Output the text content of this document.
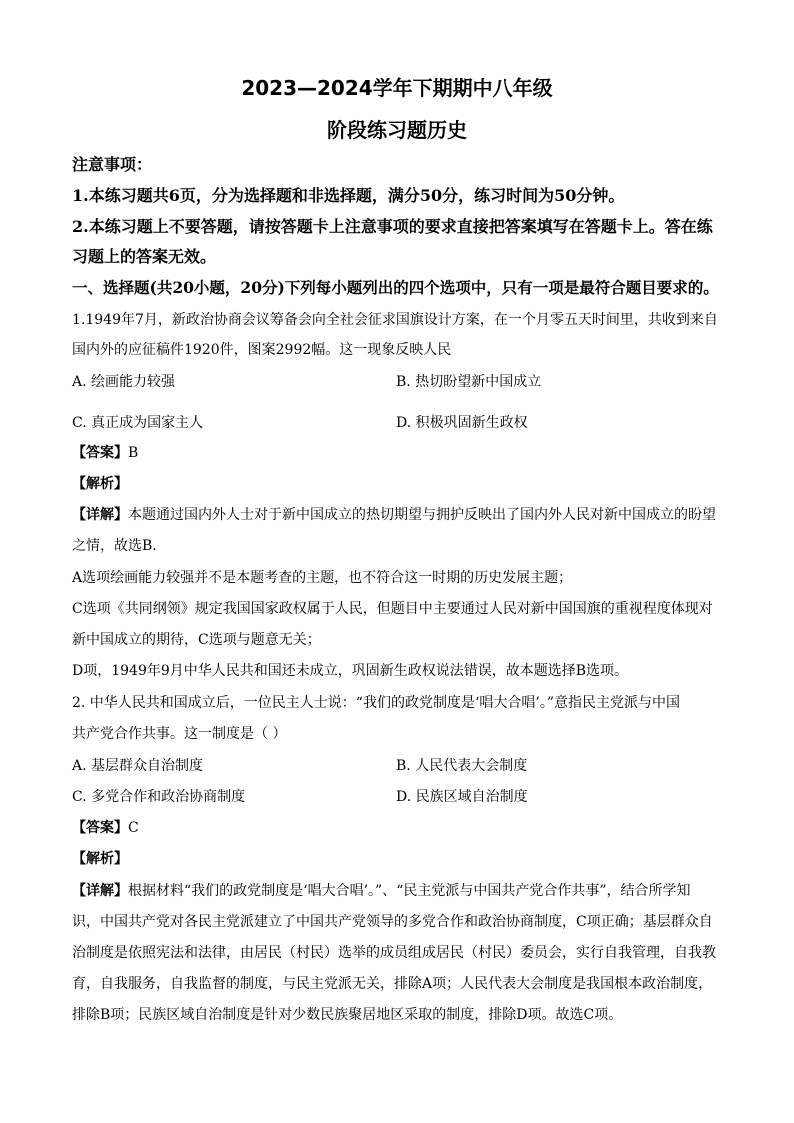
2023—2024学年下期期中八年级
阶段练习题历史
注意事项：
1.本练习题共6页，分为选择题和非选择题，满分50分，练习时间为50分钟。
2.本练习题上不要答题，请按答题卡上注意事项的要求直接把答案填写在答题卡上。答在练
习题上的答案无效。
一、选择题(共20小题，20分)下列每小题列出的四个选项中，只有一项是最符合题目要求的。
1.1949年7月，新政治协商会议筹备会向全社会征求国旗设计方案，在一个月零五天时间里，共收到来自
国内外的应征稿件1920件，图案2992幅。这一现象反映人民
A. 绘画能力较强	B. 热切盼望新中国成立
C. 真正成为国家主人	D. 积极巩固新生政权
【答案】B
【解析】
【详解】本题通过国内外人士对于新中国成立的热切期望与拥护反映出了国内外人民对新中国成立的盼望
之情，故选B.
A选项绘画能力较强并不是本题考查的主题，也不符合这一时期的历史发展主题；
C选项《共同纲领》规定我国国家政权属于人民，但题目中主要通过人民对新中国国旗的重视程度体现对
新中国成立的期待，C选项与题意无关；
D项，1949年9月中华人民共和国还未成立，巩固新生政权说法错误，故本题选择B选项。
2. 中华人民共和国成立后，一位民主人士说：“我们的政党制度是‘唱大合唱’。”意指民主党派与中国
共产党合作共事。这一制度是（ ）
A. 基层群众自治制度	B. 人民代表大会制度
C. 多党合作和政治协商制度	D. 民族区域自治制度
【答案】C
【解析】
【详解】根据材料“我们的政党制度是‘唱大合唱’。”、“民主党派与中国共产党合作共事”，结合所学知
识，中国共产党对各民主党派建立了中国共产党领导的多党合作和政治协商制度，C项正确；基层群众自
治制度是依照宪法和法律，由居民（村民）选举的成员组成居民（村民）委员会，实行自我管理，自我教
育，自我服务，自我监督的制度，与民主党派无关，排除A项；人民代表大会制度是我国根本政治制度，
排除B项；民族区域自治制度是针对少数民族聚居地区采取的制度，排除D项。故选C项。
